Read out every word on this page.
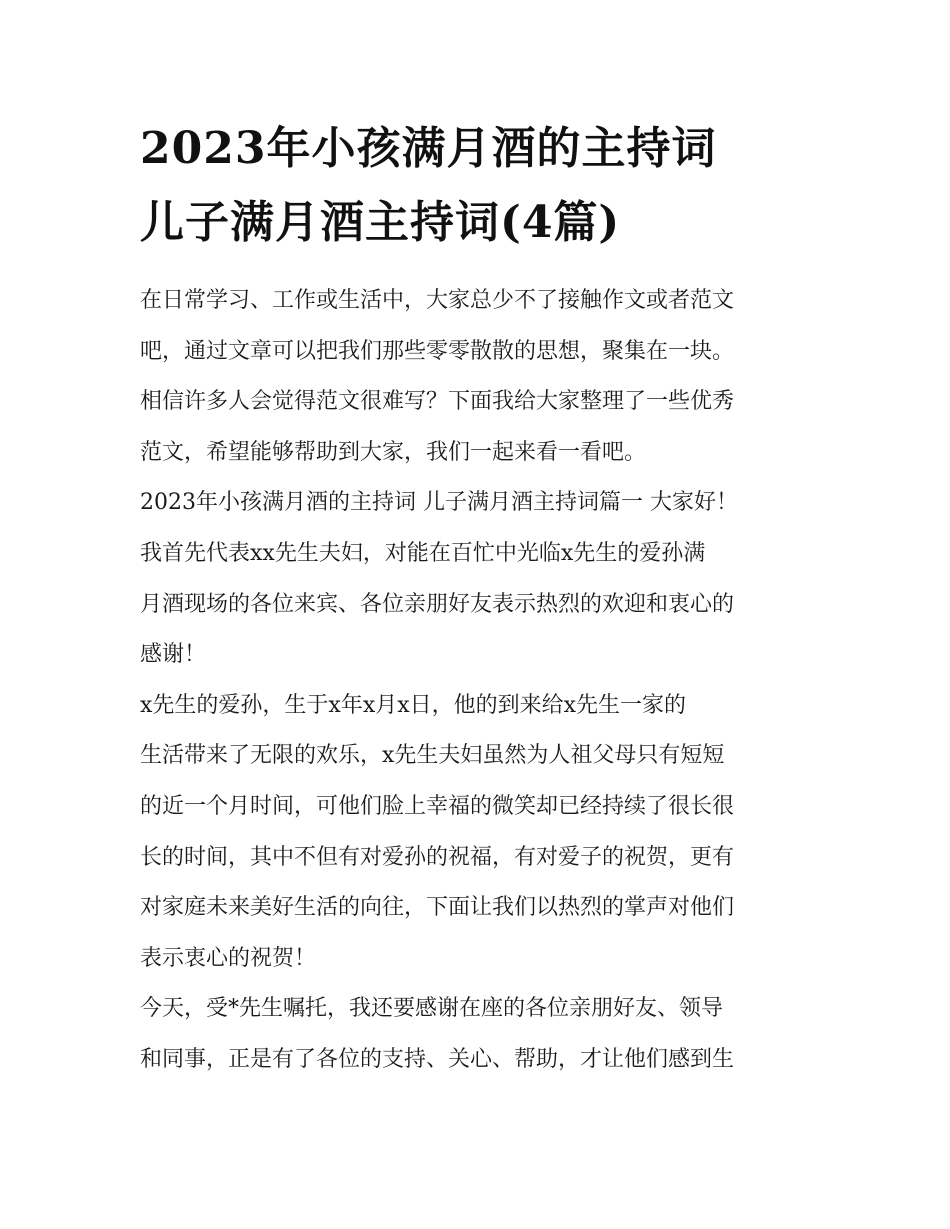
2023年小孩满月酒的主持词
儿子满月酒主持词(4篇)
在日常学习、工作或生活中，大家总少不了接触作文或者范文
吧，通过文章可以把我们那些零零散散的思想，聚集在一块。
相信许多人会觉得范文很难写？下面我给大家整理了一些优秀
范文，希望能够帮助到大家，我们一起来看一看吧。
2023年小孩满月酒的主持词 儿子满月酒主持词篇一 大家好！
我首先代表xx先生夫妇，对能在百忙中光临x先生的爱孙满
月酒现场的各位来宾、各位亲朋好友表示热烈的欢迎和衷心的
感谢！
x先生的爱孙，生于x年x月x日，他的到来给x先生一家的
生活带来了无限的欢乐，x先生夫妇虽然为人祖父母只有短短
的近一个月时间，可他们脸上幸福的微笑却已经持续了很长很
长的时间，其中不但有对爱孙的祝福，有对爱子的祝贺，更有
对家庭未来美好生活的向往，下面让我们以热烈的掌声对他们
表示衷心的祝贺！
今天，受*先生嘱托，我还要感谢在座的各位亲朋好友、领导
和同事，正是有了各位的支持、关心、帮助，才让他们感到生
